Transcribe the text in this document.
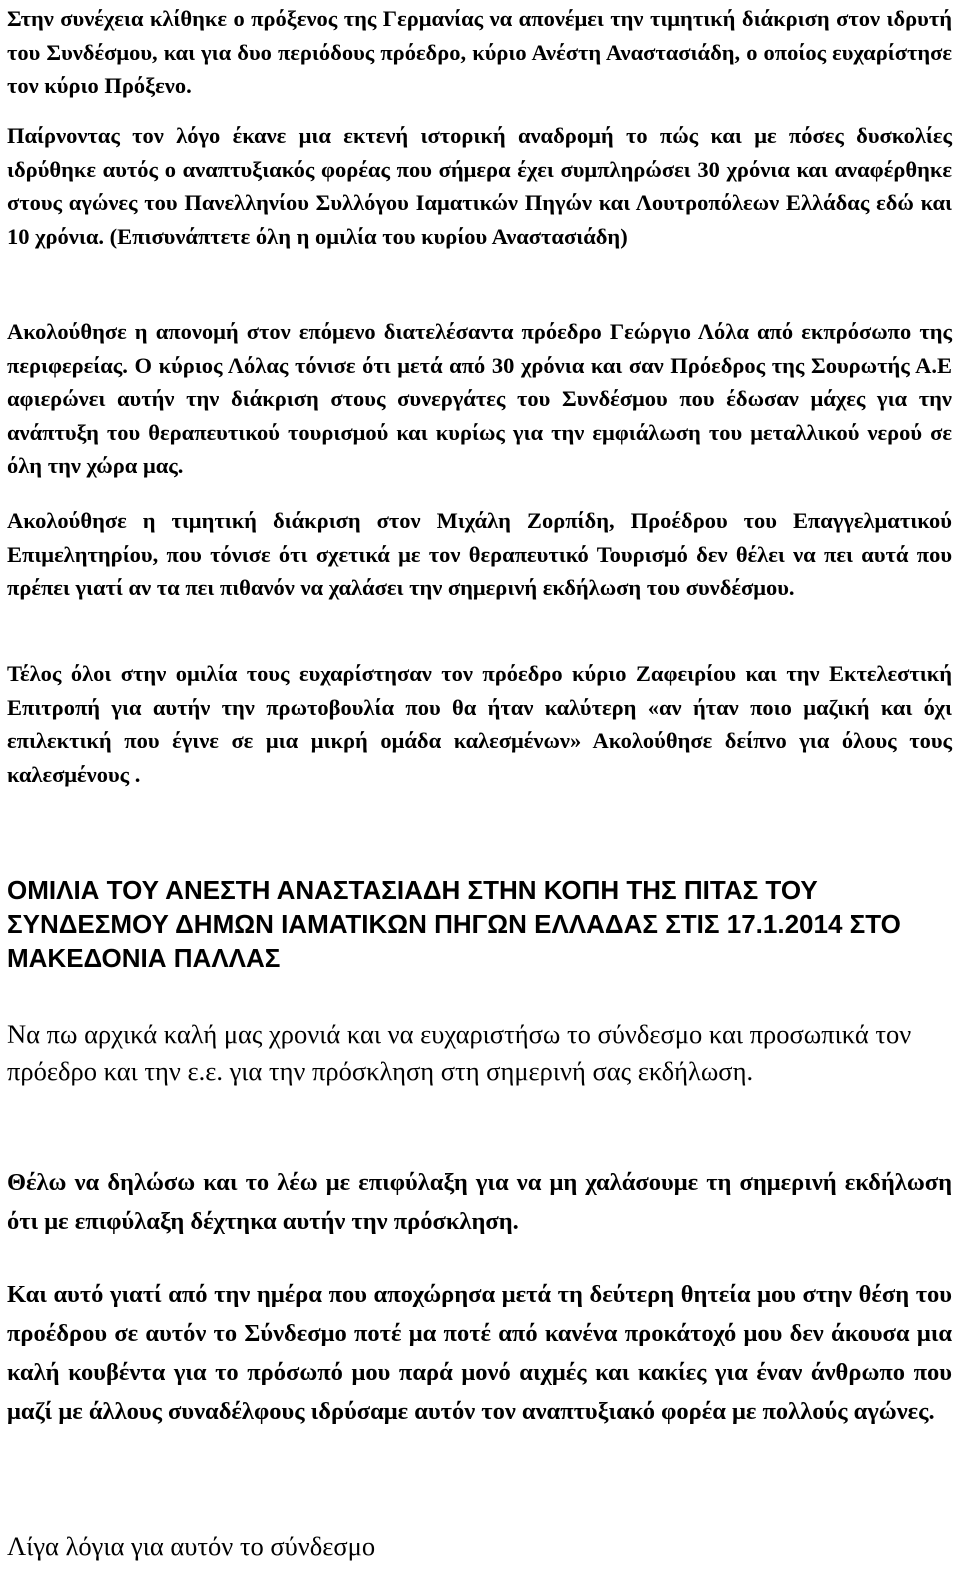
Στην συνέχεια κλίθηκε ο πρόξενος της Γερμανίας να απονέμει την τιμητική διάκριση στον ιδρυτή του Συνδέσμου, και για δυο περιόδους πρόεδρο, κύριο Ανέστη Αναστασιάδη, ο οποίος ευχαρίστησε τον κύριο Πρόξενο.

Παίρνοντας τον λόγο έκανε μια εκτενή ιστορική αναδρομή το πώς και με πόσες δυσκολίες ιδρύθηκε αυτός ο αναπτυξιακός φορέας που σήμερα έχει συμπληρώσει 30 χρόνια και αναφέρθηκε στους αγώνες του Πανελληνίου Συλλόγου Ιαματικών Πηγών και Λουτροπόλεων Ελλάδας εδώ και 10 χρόνια. (Επισυνάπτετε όλη η ομιλία του κυρίου Αναστασιάδη)

Ακολούθησε η απονομή στον επόμενο διατελέσαντα πρόεδρο Γεώργιο Λόλα από εκπρόσωπο της περιφερείας. Ο κύριος Λόλας τόνισε ότι μετά από 30 χρόνια και σαν Πρόεδρος της Σουρωτής Α.Ε αφιερώνει αυτήν την διάκριση στους συνεργάτες του Συνδέσμου που έδωσαν μάχες για την ανάπτυξη του θεραπευτικού τουρισμού και κυρίως για την εμφιάλωση του μεταλλικού νερού σε όλη την χώρα μας.

Ακολούθησε η τιμητική διάκριση στον Μιχάλη Ζορπίδη, Προέδρου του Επαγγελματικού Επιμελητηρίου, που τόνισε ότι σχετικά με τον θεραπευτικό Τουρισμό δεν θέλει να πει αυτά που πρέπει γιατί αν τα πει πιθανόν να χαλάσει την σημερινή εκδήλωση του συνδέσμου.

Τέλος όλοι στην ομιλία τους ευχαρίστησαν τον πρόεδρο κύριο Ζαφειρίου και την Εκτελεστική Επιτροπή για αυτήν την πρωτοβουλία που θα ήταν καλύτερη «αν ήταν ποιο μαζική και όχι επιλεκτική που έγινε σε μια μικρή ομάδα καλεσμένων» Ακολούθησε δείπνο για όλους τους καλεσμένους .

ΟΜΙΛΙΑ ΤΟΥ ΑΝΕΣΤΗ ΑΝΑΣΤΑΣΙΑΔΗ ΣΤΗΝ ΚΟΠΗ ΤΗΣ ΠΙΤΑΣ ΤΟΥ ΣΥΝΔΕΣΜΟΥ ΔΗΜΩΝ ΙΑΜΑΤΙΚΩΝ ΠΗΓΩΝ ΕΛΛΑΔΑΣ ΣΤΙΣ 17.1.2014 ΣΤΟ ΜΑΚΕΔΟΝΙΑ ΠΑΛΛΑΣ

Να πω αρχικά καλή μας χρονιά και να ευχαριστήσω το σύνδεσμο και προσωπικά τον πρόεδρο και την ε.ε. για την πρόσκληση στη σημερινή σας εκδήλωση.

Θέλω να δηλώσω και το λέω με επιφύλαξη για να μη χαλάσουμε τη σημερινή εκδήλωση ότι με επιφύλαξη δέχτηκα αυτήν την πρόσκληση.

Και αυτό γιατί από την ημέρα που αποχώρησα μετά τη δεύτερη θητεία μου στην θέση του προέδρου σε αυτόν το Σύνδεσμο ποτέ μα ποτέ από κανένα προκάτοχό μου δεν άκουσα μια καλή κουβέντα για το πρόσωπό μου παρά μονό αιχμές και κακίες για έναν άνθρωπο που μαζί με άλλους συναδέλφους ιδρύσαμε αυτόν τον αναπτυξιακό φορέα με πολλούς αγώνες.

Λίγα λόγια για αυτόν το σύνδεσμο
